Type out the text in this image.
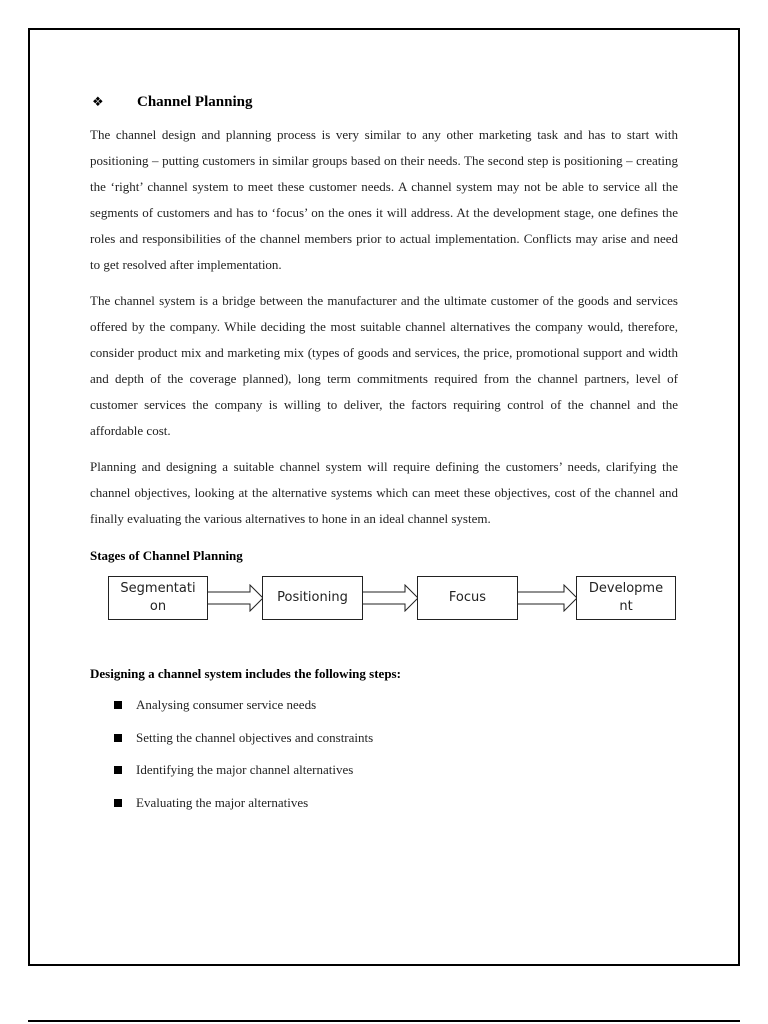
❖	Channel Planning

The channel design and planning process is very similar to any other marketing task and has to start with positioning – putting customers in similar groups based on their needs. The second step is positioning – creating the ‘right’ channel system to meet these customer needs. A channel system may not be able to service all the segments of customers and has to ‘focus’ on the ones it will address. At the development stage, one defines the roles and responsibilities of the channel members prior to actual implementation. Conflicts may arise and need to get resolved after implementation.

The channel system is a bridge between the manufacturer and the ultimate customer of the goods and services offered by the company. While deciding the most suitable channel alternatives the company would, therefore, consider product mix and marketing mix (types of goods and services, the price, promotional support and width and depth of the coverage planned), long term commitments required from the channel partners, level of customer services the company is willing to deliver, the factors requiring control of the channel and the affordable cost.

Planning and designing a suitable channel system will require defining the customers’ needs, clarifying the channel objectives, looking at the alternative systems which can meet these objectives, cost of the channel and finally evaluating the various alternatives to hone in an ideal channel system.

Stages of Channel Planning
Segmentati
on
Positioning	Focus
Developme
nt
Designing a channel system includes the following steps:
Analysing consumer service needs
Setting the channel objectives and constraints
Identifying the major channel alternatives
Evaluating the major alternatives
